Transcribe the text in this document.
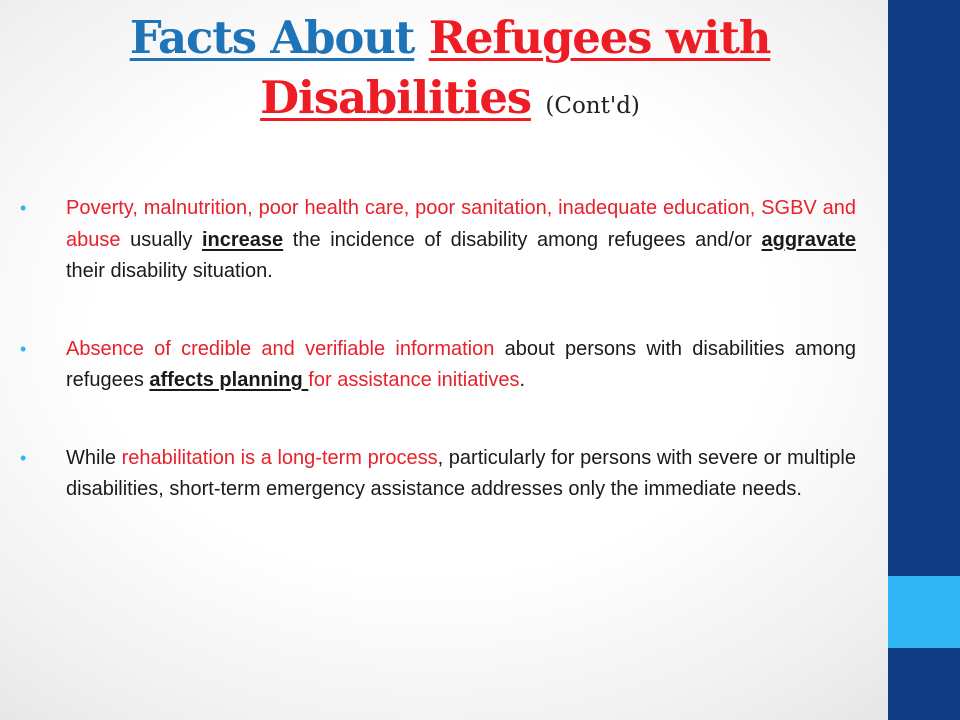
Facts About Refugees with
Disabilities (Cont'd)
•	Poverty, malnutrition, poor health care, poor sanitation, inadequate education, SGBV and abuse usually increase the incidence of disability among refugees and/or aggravate their disability situation.
•	Absence of credible and verifiable information about persons with disabilities among refugees affects planning for assistance initiatives.
•	While rehabilitation is a long-term process, particularly for persons with severe or multiple disabilities, short-term emergency assistance addresses only the immediate needs.
